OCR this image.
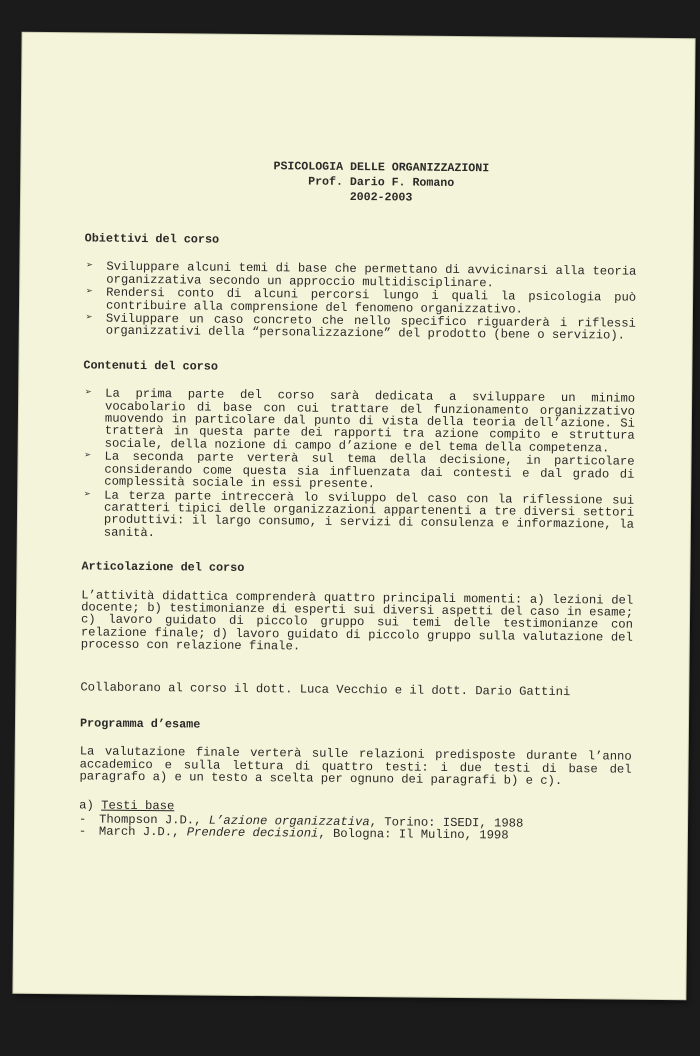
PSICOLOGIA DELLE ORGANIZZAZIONI
Prof. Dario F. Romano
2002-2003
Obiettivi del corso
➢ Sviluppare alcuni temi di base che permettano di avvicinarsi alla teoria organizzativa secondo un approccio multidisciplinare.
➢ Rendersi conto di alcuni percorsi lungo i quali la psicologia può contribuire alla comprensione del fenomeno organizzativo.
➢ Sviluppare un caso concreto che nello specifico riguarderà i riflessi organizzativi della “personalizzazione” del prodotto (bene o servizio).
Contenuti del corso
➢ La prima parte del corso sarà dedicata a sviluppare un minimo vocabolario di base con cui trattare del funzionamento organizzativo muovendo in particolare dal punto di vista della teoria dell’azione. Si tratterà in questa parte dei rapporti tra azione compito e struttura sociale, della nozione di campo d’azione e del tema della competenza.
➢ La seconda parte verterà sul tema della decisione, in particolare considerando come questa sia influenzata dai contesti e dal grado di complessità sociale in essi presente.
➢ La terza parte intreccerà lo sviluppo del caso con la riflessione sui caratteri tipici delle organizzazioni appartenenti a tre diversi settori produttivi: il largo consumo, i servizi di consulenza e informazione, la sanità.
Articolazione del corso

L’attività didattica comprenderà quattro principali momenti: a) lezioni del docente; b) testimonianze di esperti sui diversi aspetti del caso in esame; c) lavoro guidato di piccolo gruppo sui temi delle testimonianze con relazione finale; d) lavoro guidato di piccolo gruppo sulla valutazione del processo con relazione finale.

Collaborano al corso il dott. Luca Vecchio e il dott. Dario Gattini

Programma d’esame

La valutazione finale verterà sulle relazioni predisposte durante l’anno accademico e sulla lettura di quattro testi: i due testi di base del paragrafo a) e un testo a scelta per ognuno dei paragrafi b) e c).

a) Testi base
- Thompson J.D., L’azione organizzativa, Torino: ISEDI, 1988
- March J.D., Prendere decisioni, Bologna: Il Mulino, 1998
